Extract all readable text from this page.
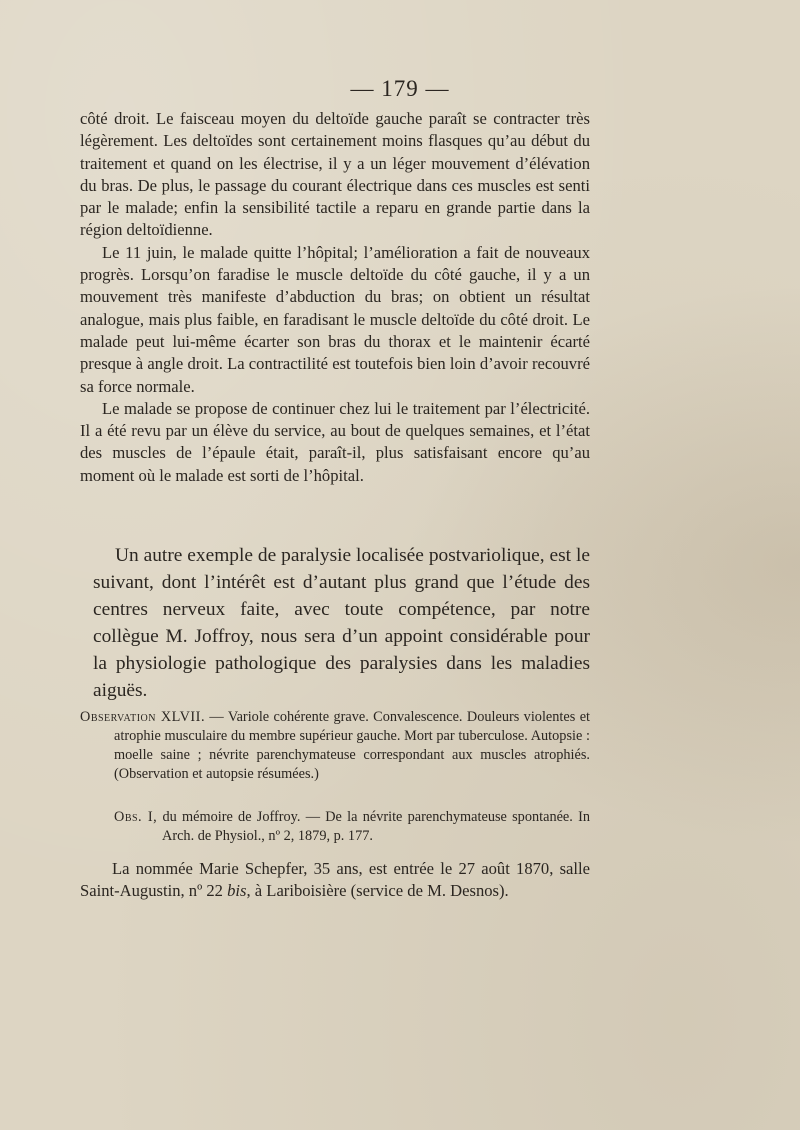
— 179 —

côté droit. Le faisceau moyen du deltoïde gauche paraît se contracter très légèrement. Les deltoïdes sont certainement moins flasques qu’au début du traitement et quand on les électrise, il y a un léger mouvement d’élévation du bras. De plus, le passage du courant électrique dans ces muscles est senti par le malade; enfin la sensibilité tactile a reparu en grande partie dans la région deltoïdienne.

Le 11 juin, le malade quitte l’hôpital; l’amélioration a fait de nouveaux progrès. Lorsqu’on faradise le muscle deltoïde du côté gauche, il y a un mouvement très manifeste d’abduction du bras; on obtient un résultat analogue, mais plus faible, en faradisant le muscle deltoïde du côté droit. Le malade peut lui-même écarter son bras du thorax et le maintenir écarté presque à angle droit. La contractilité est toutefois bien loin d’avoir recouvré sa force normale.

Le malade se propose de continuer chez lui le traitement par l’électricité. Il a été revu par un élève du service, au bout de quelques semaines, et l’état des muscles de l’épaule était, paraît-il, plus satisfaisant encore qu’au moment où le malade est sorti de l’hôpital.

Un autre exemple de paralysie localisée postvariolique, est le suivant, dont l’intérêt est d’autant plus grand que l’étude des centres nerveux faite, avec toute compétence, par notre collègue M. Joffroy, nous sera d’un appoint considérable pour la physiologie pathologique des paralysies dans les maladies aiguës.

Observation XLVII. — Variole cohérente grave. Convalescence. Douleurs violentes et atrophie musculaire du membre supérieur gauche. Mort par tuberculose. Autopsie : moelle saine ; névrite parenchymateuse correspondant aux muscles atrophiés. (Observation et autopsie résumées.)

Obs. I, du mémoire de Joffroy. — De la névrite parenchymateuse spontanée. In Arch. de Physiol., nº 2, 1879, p. 177.

La nommée Marie Schepfer, 35 ans, est entrée le 27 août 1870, salle Saint-Augustin, nº 22 bis, à Lariboisière (service de M. Desnos).
